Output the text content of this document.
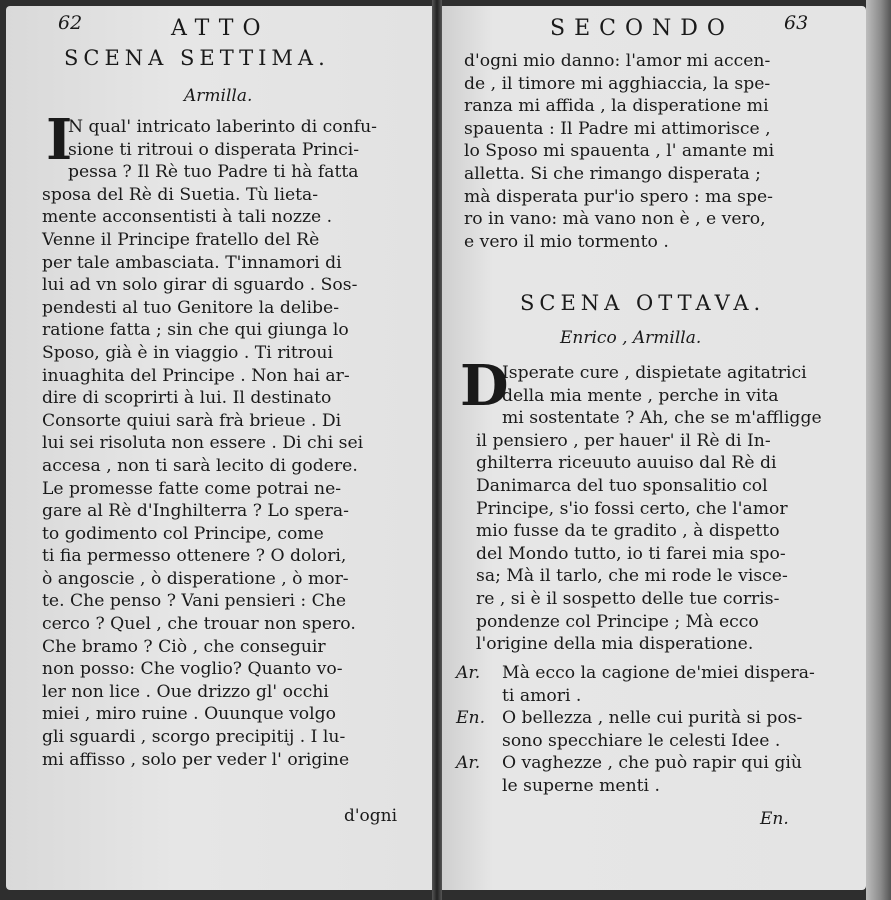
62	ATTO
SCENA SETTIMA.
Armilla.
I
N qual' intricato laberinto di confu-
sione ti ritroui o disperata Princi-
pessa ? Il Rè tuo Padre ti hà fatta
sposa del Rè di Suetia. Tù lieta-
mente acconsentisti à tali nozze .
Venne il Principe fratello del Rè
per tale ambasciata. T'innamori di
lui ad vn solo girar di sguardo . Sos-
pendesti al tuo Genitore la delibe-
ratione fatta ; sin che qui giunga lo
Sposo, già è in viaggio . Ti ritroui
inuaghita del Principe . Non hai ar-
dire di scoprirti à lui. Il destinato
Consorte quiui sarà frà brieue . Di
lui sei risoluta non essere . Di chi sei
accesa , non ti sarà lecito di godere.
Le promesse fatte come potrai ne-
gare al Rè d'Inghilterra ? Lo spera-
to godimento col Principe, come
ti fia permesso ottenere ? O dolori,
ò angoscie , ò disperatione , ò mor-
te. Che penso ? Vani pensieri : Che
cerco ? Quel , che trouar non spero.
Che bramo ? Ciò , che conseguir
non posso: Che voglio? Quanto vo-
ler non lice . Oue drizzo gl' occhi
miei , miro ruine . Ouunque volgo
gli sguardi , scorgo precipitij . I lu-
mi affisso , solo per veder l' origine
d'ogni
SECONDO	63
d'ogni mio danno: l'amor mi accen-
de , il timore mi agghiaccia, la spe-
ranza mi affida , la disperatione mi
spauenta : Il Padre mi attimorisce ,
lo Sposo mi spauenta , l' amante mi
alletta. Si che rimango disperata ;
mà disperata pur'io spero : ma spe-
ro in vano: mà vano non è , e vero,
e vero il mio tormento .
SCENA OTTAVA.
Enrico , Armilla.
D
Isperate cure , dispietate agitatrici
della mia mente , perche in vita
mi sostentate ? Ah, che se m'affligge
il pensiero , per hauer' il Rè di In-
ghilterra riceuuto auuiso dal Rè di
Danimarca del tuo sponsalitio col
Principe, s'io fossi certo, che l'amor
mio fusse da te gradito , à dispetto
del Mondo tutto, io ti farei mia spo-
sa; Mà il tarlo, che mi rode le visce-
re , si è il sospetto delle tue corris-
pondenze col Principe ; Mà ecco
l'origine della mia disperatione.
Ar. Mà ecco la cagione de'miei dispera-
ti amori .
En. O bellezza , nelle cui purità si pos-
sono specchiare le celesti Idee .
Ar. O vaghezze , che può rapir qui giù
le superne menti .
En.
